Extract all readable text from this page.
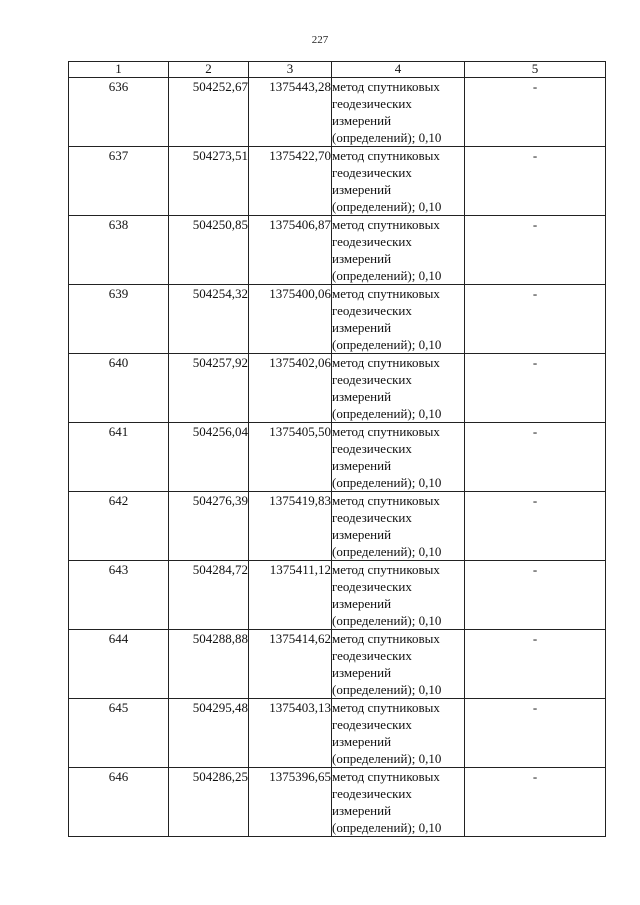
227
1	2	3	4	5
636	504252,67	1375443,28	метод спутниковых
геодезических
измерений
(определений); 0,10	-
637	504273,51	1375422,70	метод спутниковых
геодезических
измерений
(определений); 0,10	-
638	504250,85	1375406,87	метод спутниковых
геодезических
измерений
(определений); 0,10	-
639	504254,32	1375400,06	метод спутниковых
геодезических
измерений
(определений); 0,10	-
640	504257,92	1375402,06	метод спутниковых
геодезических
измерений
(определений); 0,10	-
641	504256,04	1375405,50	метод спутниковых
геодезических
измерений
(определений); 0,10	-
642	504276,39	1375419,83	метод спутниковых
геодезических
измерений
(определений); 0,10	-
643	504284,72	1375411,12	метод спутниковых
геодезических
измерений
(определений); 0,10	-
644	504288,88	1375414,62	метод спутниковых
геодезических
измерений
(определений); 0,10	-
645	504295,48	1375403,13	метод спутниковых
геодезических
измерений
(определений); 0,10	-
646	504286,25	1375396,65	метод спутниковых
геодезических
измерений
(определений); 0,10	-
